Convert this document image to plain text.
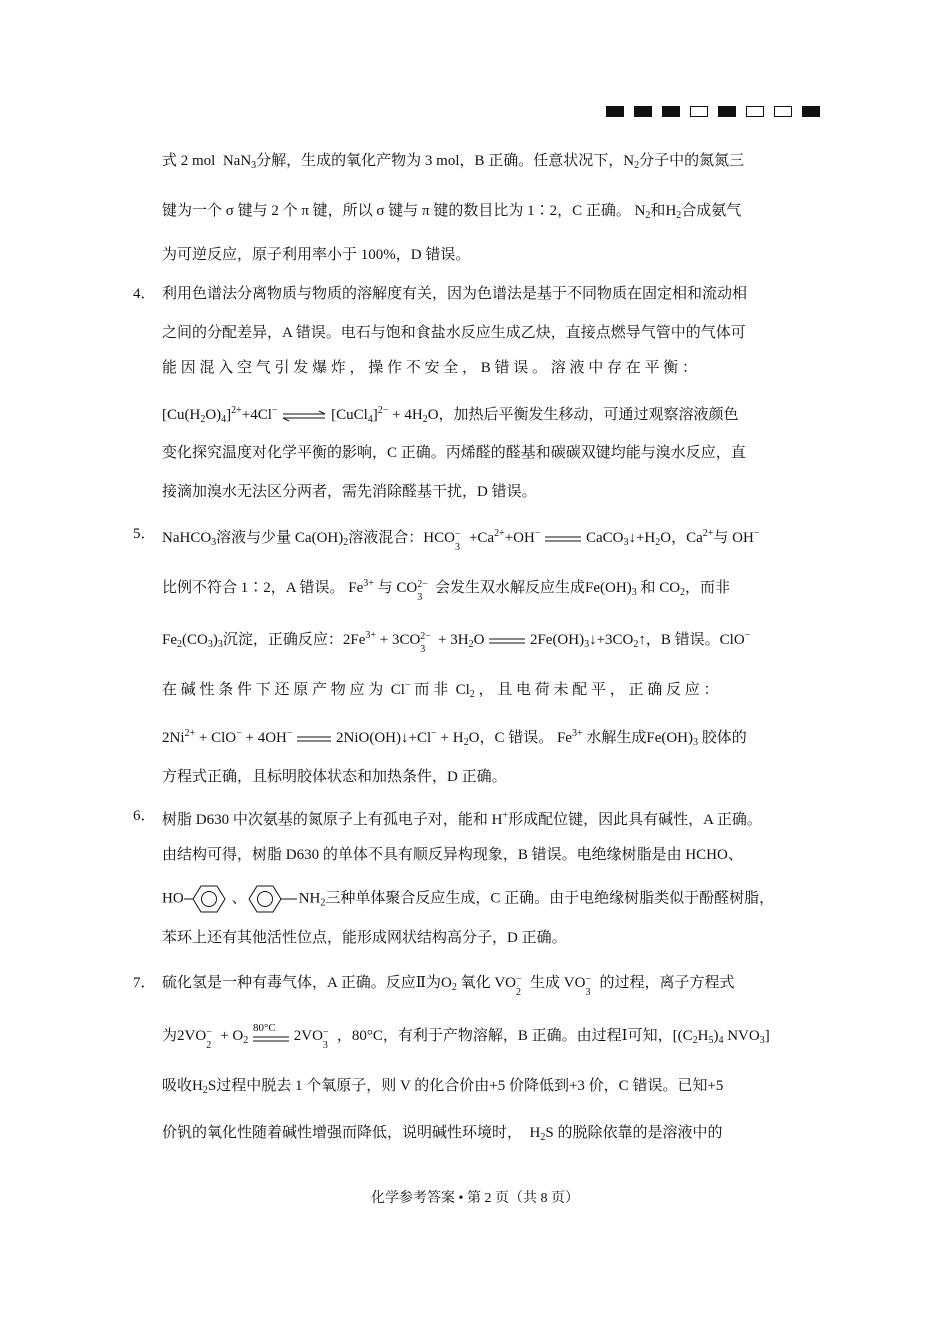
式 2 mol NaN$_3$分解，生成的氧化产物为 3 mol，B 正确。任意状况下，$N_2$分子中的氮氮三
键为一个 σ 键与 2 个 π 键，所以 σ 键与 π 键的数目比为 1∶2，C 正确。 $N_2$和$H_2$合成氨气
为可逆反应，原子利用率小于 100%，D 错误。
4． 利用色谱法分离物质与物质的溶解度有关，因为色谱法是基于不同物质在固定相和流动相
之间的分配差异，A 错误。电石与饱和食盐水反应生成乙炔，直接点燃导气管中的气体可
能 因 混 入 空 气 引 发 爆 炸 ， 操 作 不 安 全 ， B 错 误 。 溶 液 中 存 在 平 衡 ：
$[Cu(H_2O)_4]^{2+}+4Cl^-$ ⇌ [CuCl$_4$]$^{2-}$ + $4H_2O$，加热后平衡发生移动，可通过观察溶液颜色
变化探究温度对化学平衡的影响，C 正确。丙烯醛的醛基和碳碳双键均能与溴水反应，直
接滴加溴水无法区分两者，需先消除醛基干扰，D 错误。
5． NaHCO$_3$溶液与少量 $Ca(OH)_2$溶液混合：HCO −
3
$+Ca^{2+}+OH^-$	$CaCO_3↓+H_2O$，$Ca^{2+}$与 OH−
比例不符合 1∶2，A 错误。 $Fe^{3+}$ 与 CO 2−
3
会发生双水解反应生成$Fe(OH)_3$ 和 $CO_2$，而非
$Fe_2(CO_3)_3$沉淀，正确反应：$2Fe^{3+} + 3CO$ 2−
3
+ $3H_2O$	$2Fe(OH)_3↓+3CO_2↑$，B 错误。ClO−
在 碱 性 条 件 下 还 原 产 物 应 为 Cl− 而 非 $Cl_2$ ， 且 电 荷 未 配 平 ， 正 确 反 应 ：
$2Ni^{2+} + ClO^- + 4OH^-$	2NiO(OH)↓+Cl− + $H_2O$，C 错误。 $Fe^{3+}$ 水解生成$Fe(OH)_3$ 胶体的
方程式正确，且标明胶体状态和加热条件，D 正确。
6． 树脂 D630 中次氨基的氮原子上有孤电子对，能和 H+形成配位键，因此具有碱性，A 正确。
由结构可得，树脂 D630 的单体不具有顺反异构现象，B 错误。电绝缘树脂是由 HCHO、
HO	、	$NH_2$三种单体聚合反应生成，C 正确。由于电绝缘树脂类似于酚醛树脂，
苯环上还有其他活性位点，能形成网状结构高分子，D 正确。
7． 硫化氢是一种有毒气体，A 正确。反应Ⅱ为$O_2$ 氧化 VO −
2
生成 VO −
3
的过程，离子方程式
为2VO −
2
+ $O_2$
80°C
2VO −
3
，80°C，有利于产物溶解，B 正确。由过程Ⅰ可知，[$(C_2H_5)_4$ $NVO_3$]
吸收$H_2S$过程中脱去 1 个氧原子，则 V 的化合价由+5 价降低到+3 价，C 错误。已知+5
价钒的氧化性随着碱性增强而降低，说明碱性环境时， $H_2S$ 的脱除依靠的是溶液中的
化学参考答案 • 第 2 页（共 8 页）
